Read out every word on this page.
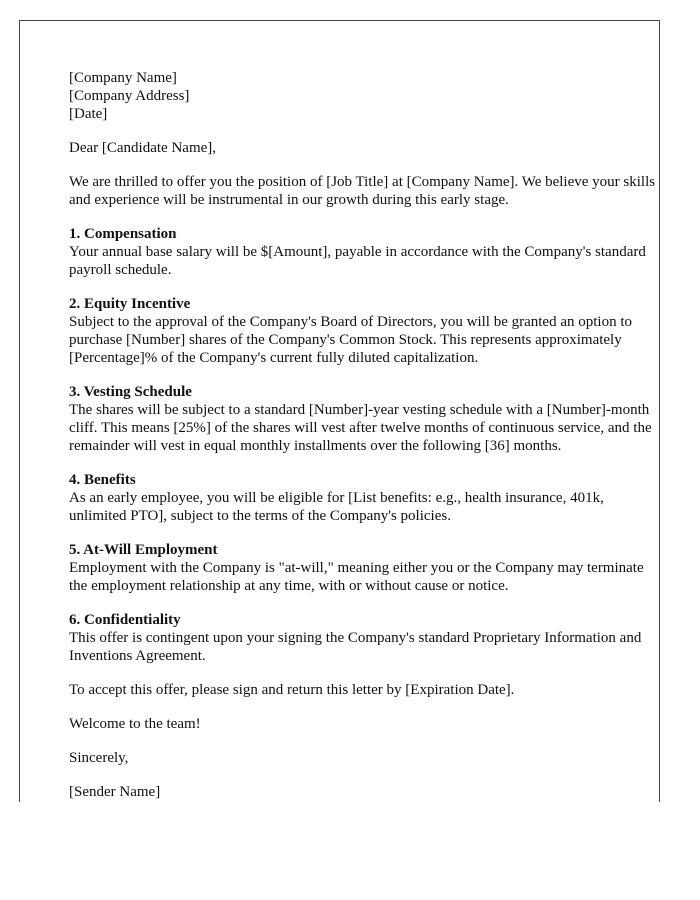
[Company Name]
[Company Address]
[Date]

Dear [Candidate Name],

We are thrilled to offer you the position of [Job Title] at [Company Name]. We believe your skills and experience will be instrumental in our growth during this early stage.

1. Compensation
Your annual base salary will be $[Amount], payable in accordance with the Company's standard payroll schedule.

2. Equity Incentive
Subject to the approval of the Company's Board of Directors, you will be granted an option to purchase [Number] shares of the Company's Common Stock. This represents approximately [Percentage]% of the Company's current fully diluted capitalization.

3. Vesting Schedule
The shares will be subject to a standard [Number]-year vesting schedule with a [Number]-month cliff. This means [25%] of the shares will vest after twelve months of continuous service, and the remainder will vest in equal monthly installments over the following [36] months.

4. Benefits
As an early employee, you will be eligible for [List benefits: e.g., health insurance, 401k, unlimited PTO], subject to the terms of the Company's policies.

5. At-Will Employment
Employment with the Company is "at-will," meaning either you or the Company may terminate the employment relationship at any time, with or without cause or notice.

6. Confidentiality
This offer is contingent upon your signing the Company's standard Proprietary Information and Inventions Agreement.

To accept this offer, please sign and return this letter by [Expiration Date].

Welcome to the team!

Sincerely,

[Sender Name]
